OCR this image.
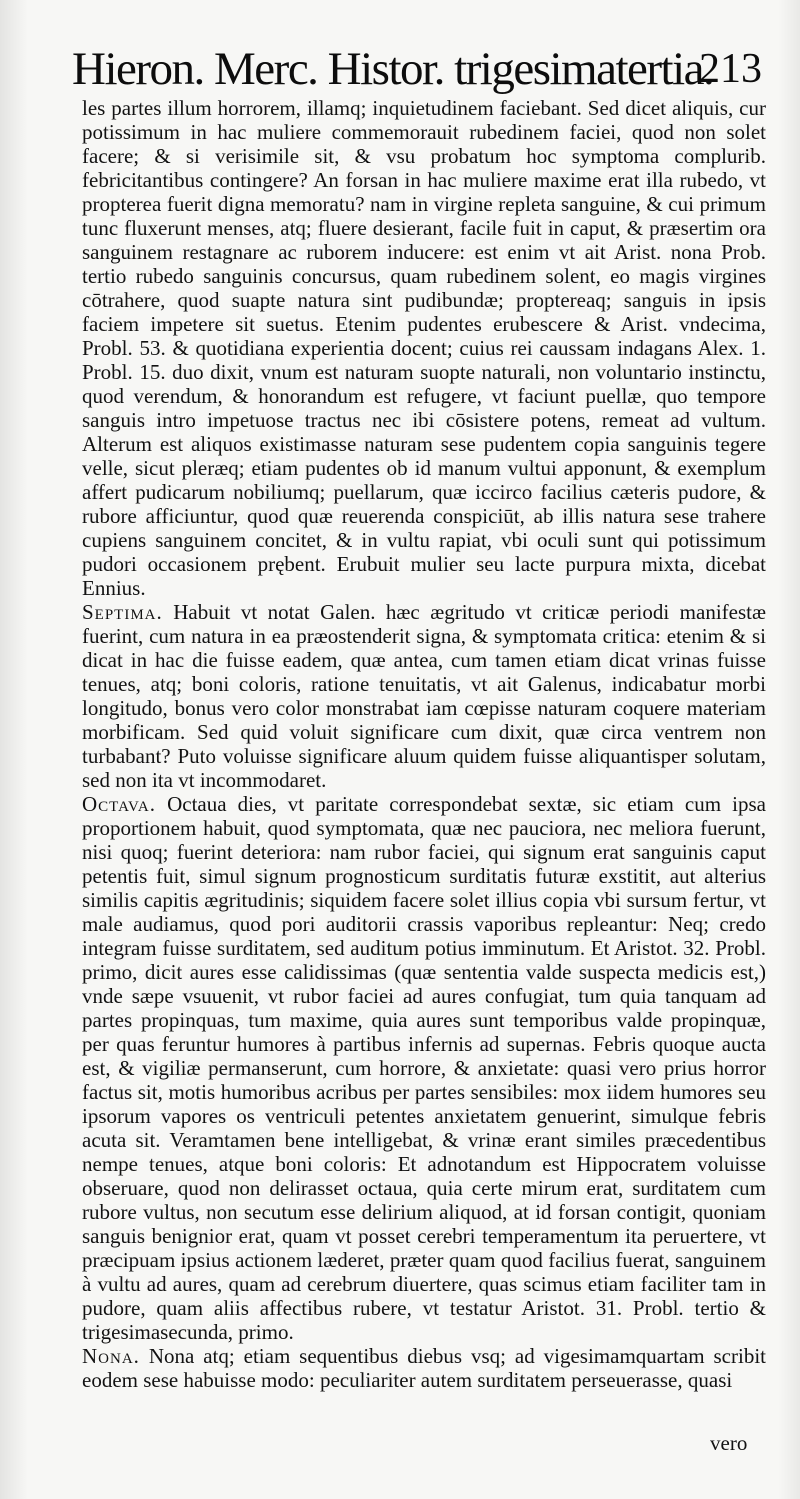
Hieron. Merc. Histor. trigesimatertia.
213

les partes illum horrorem, illamq; inquietudinem faciebant. Sed dicet aliquis, cur potissimum in hac muliere commemorauit rubedinem faciei, quod non solet facere; & si verisimile sit, & vsu probatum hoc symptoma complurib. febricitantibus contingere? An forsan in hac muliere maxime erat illa rubedo, vt propterea fuerit digna memoratu? nam in virgine repleta sanguine, & cui primum tunc fluxerunt menses, atq; fluere desierant, facile fuit in caput, & præsertim ora sanguinem restagnare ac ruborem inducere: est enim vt ait Arist. nona Prob. tertio rubedo sanguinis concursus, quam rubedinem solent, eo magis virgines cōtrahere, quod suapte natura sint pudibundæ; proptereaq; sanguis in ipsis faciem impetere sit suetus. Etenim pudentes erubescere & Arist. vndecima, Probl. 53. & quotidiana experientia docent; cuius rei caussam indagans Alex. 1. Probl. 15. duo dixit, vnum est naturam suopte naturali, non voluntario instinctu, quod verendum, & honorandum est refugere, vt faciunt puellæ, quo tempore sanguis intro impetuose tractus nec ibi cōsistere potens, remeat ad vultum. Alterum est aliquos existimasse naturam sese pudentem copia sanguinis tegere velle, sicut pleræq; etiam pudentes ob id manum vultui apponunt, & exemplum affert pudicarum nobiliumq; puellarum, quæ iccirco facilius cæteris pudore, & rubore afficiuntur, quod quæ reuerenda conspiciūt, ab illis natura sese trahere cupiens sanguinem concitet, & in vultu rapiat, vbi oculi sunt qui potissimum pudori occasionem prębent. Erubuit mulier seu lacte purpura mixta, dicebat Ennius.

Septima. Habuit vt notat Galen. hæc ægritudo vt criticæ periodi manifestæ fuerint, cum natura in ea præostenderit signa, & symptomata critica: etenim & si dicat in hac die fuisse eadem, quæ antea, cum tamen etiam dicat vrinas fuisse tenues, atq; boni coloris, ratione tenuitatis, vt ait Galenus, indicabatur morbi longitudo, bonus vero color monstrabat iam cœpisse naturam coquere materiam morbificam. Sed quid voluit significare cum dixit, quæ circa ventrem non turbabant? Puto voluisse significare aluum quidem fuisse aliquantisper solutam, sed non ita vt incommodaret.

Octava. Octaua dies, vt paritate correspondebat sextæ, sic etiam cum ipsa proportionem habuit, quod symptomata, quæ nec pauciora, nec meliora fuerunt, nisi quoq; fuerint deteriora: nam rubor faciei, qui signum erat sanguinis caput petentis fuit, simul signum prognosticum surditatis futuræ exstitit, aut alterius similis capitis ægritudinis; siquidem facere solet illius copia vbi sursum fertur, vt male audiamus, quod pori auditorii crassis vaporibus repleantur: Neq; credo integram fuisse surditatem, sed auditum potius imminutum. Et Aristot. 32. Probl. primo, dicit aures esse calidissimas (quæ sententia valde suspecta medicis est,) vnde sæpe vsuuenit, vt rubor faciei ad aures confugiat, tum quia tanquam ad partes propinquas, tum maxime, quia aures sunt temporibus valde propinquæ, per quas feruntur humores à partibus infernis ad supernas. Febris quoque aucta est, & vigiliæ permanserunt, cum horrore, & anxietate: quasi vero prius horror factus sit, motis humoribus acribus per partes sensibiles: mox iidem humores seu ipsorum vapores os ventriculi petentes anxietatem genuerint, simulque febris acuta sit. Veramtamen bene intelligebat, & vrinæ erant similes præcedentibus nempe tenues, atque boni coloris: Et adnotandum est Hippocratem voluisse obseruare, quod non delirasset octaua, quia certe mirum erat, surditatem cum rubore vultus, non secutum esse delirium aliquod, at id forsan contigit, quoniam sanguis benignior erat, quam vt posset cerebri temperamentum ita peruertere, vt præcipuam ipsius actionem læderet, præter quam quod facilius fuerat, sanguinem à vultu ad aures, quam ad cerebrum diuertere, quas scimus etiam faciliter tam in pudore, quam aliis affectibus rubere, vt testatur Aristot. 31. Probl. tertio & trigesimasecunda, primo.

Nona. Nona atq; etiam sequentibus diebus vsq; ad vigesimamquartam scribit eodem sese habuisse modo: peculiariter autem surditatem perseuerasse, quasi

vero
